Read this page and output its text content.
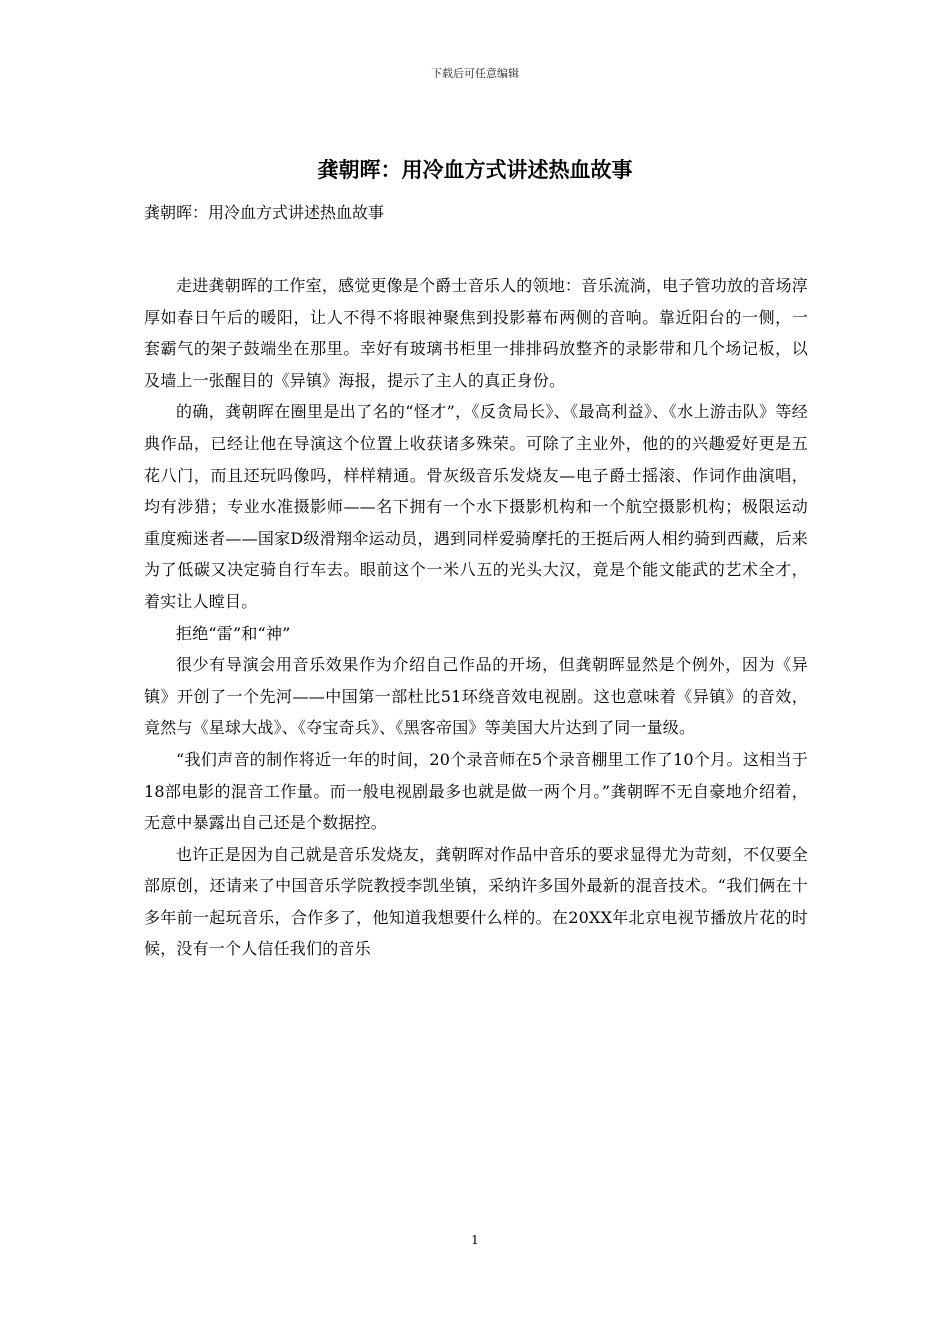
下载后可任意编辑
龚朝晖：用冷血方式讲述热血故事

龚朝晖：用冷血方式讲述热血故事

走进龚朝晖的工作室，感觉更像是个爵士音乐人的领地：音乐流淌，电子管功放的音场淳厚如春日午后的暖阳，让人不得不将眼神聚焦到投影幕布两侧的音响。靠近阳台的一侧，一套霸气的架子鼓端坐在那里。幸好有玻璃书柜里一排排码放整齐的录影带和几个场记板，以及墙上一张醒目的《异镇》海报，提示了主人的真正身份。

的确，龚朝晖在圈里是出了名的“怪才”，《反贪局长》、《最高利益》、《水上游击队》等经典作品，已经让他在导演这个位置上收获诸多殊荣。可除了主业外，他的的兴趣爱好更是五花八门，而且还玩吗像吗，样样精通。骨灰级音乐发烧友—电子爵士摇滚、作词作曲演唱，均有涉猎；专业水准摄影师——名下拥有一个水下摄影机构和一个航空摄影机构；极限运动重度痴迷者——国家D级滑翔伞运动员，遇到同样爱骑摩托的王挺后两人相约骑到西藏，后来为了低碳又决定骑自行车去。眼前这个一米八五的光头大汉，竟是个能文能武的艺术全才，着实让人瞠目。

拒绝“雷”和“神”

很少有导演会用音乐效果作为介绍自己作品的开场，但龚朝晖显然是个例外，因为《异镇》开创了一个先河——中国第一部杜比51环绕音效电视剧。这也意味着《异镇》的音效，竟然与《星球大战》、《夺宝奇兵》、《黑客帝国》等美国大片达到了同一量级。

“我们声音的制作将近一年的时间，20个录音师在5个录音棚里工作了10个月。这相当于18部电影的混音工作量。而一般电视剧最多也就是做一两个月。”龚朝晖不无自豪地介绍着，无意中暴露出自己还是个数据控。

也许正是因为自己就是音乐发烧友，龚朝晖对作品中音乐的要求显得尤为苛刻，不仅要全部原创，还请来了中国音乐学院教授李凯坐镇，采纳许多国外最新的混音技术。“我们俩在十多年前一起玩音乐，合作多了，他知道我想要什么样的。在20XX年北京电视节播放片花的时候，没有一个人信任我们的音乐

1
